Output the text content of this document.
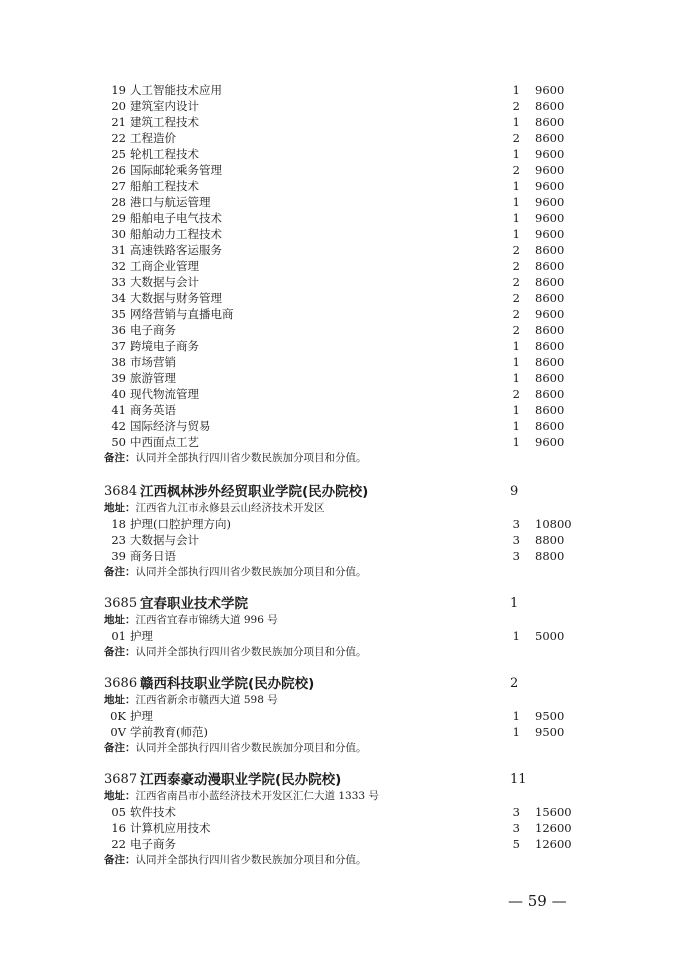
19 人工智能技术应用	1 9600
20 建筑室内设计	2 8600
21 建筑工程技术	1 8600
22 工程造价	2 8600
25 轮机工程技术	1 9600
26 国际邮轮乘务管理	2 9600
27 船舶工程技术	1 9600
28 港口与航运管理	1 9600
29 船舶电子电气技术	1 9600
30 船舶动力工程技术	1 9600
31 高速铁路客运服务	2 8600
32 工商企业管理	2 8600
33 大数据与会计	2 8600
34 大数据与财务管理	2 8600
35 网络营销与直播电商	2 9600
36 电子商务	2 8600
37 跨境电子商务	1 8600
38 市场营销	1 8600
39 旅游管理	1 8600
40 现代物流管理	2 8600
41 商务英语	1 8600
42 国际经济与贸易	1 8600
50 中西面点工艺	1 9600
备注：认同并全部执行四川省少数民族加分项目和分值。
3684 江西枫林涉外经贸职业学院(民办院校)	9
地址：江西省九江市永修县云山经济技术开发区
18 护理(口腔护理方向)	3 10800
23 大数据与会计	3 8800
39 商务日语	3 8800
备注：认同并全部执行四川省少数民族加分项目和分值。
3685 宜春职业技术学院	1
地址：江西省宜春市锦绣大道 996 号
01 护理	1 5000
备注：认同并全部执行四川省少数民族加分项目和分值。
3686 赣西科技职业学院(民办院校)	2
地址：江西省新余市赣西大道 598 号
0K 护理	1 9500
0V 学前教育(师范)	1 9500
备注：认同并全部执行四川省少数民族加分项目和分值。
3687 江西泰豪动漫职业学院(民办院校)	11
地址：江西省南昌市小蓝经济技术开发区汇仁大道 1333 号
05 软件技术	3 15600
16 计算机应用技术	3 12600
22 电子商务	5 12600
备注：认同并全部执行四川省少数民族加分项目和分值。
— 59 —
